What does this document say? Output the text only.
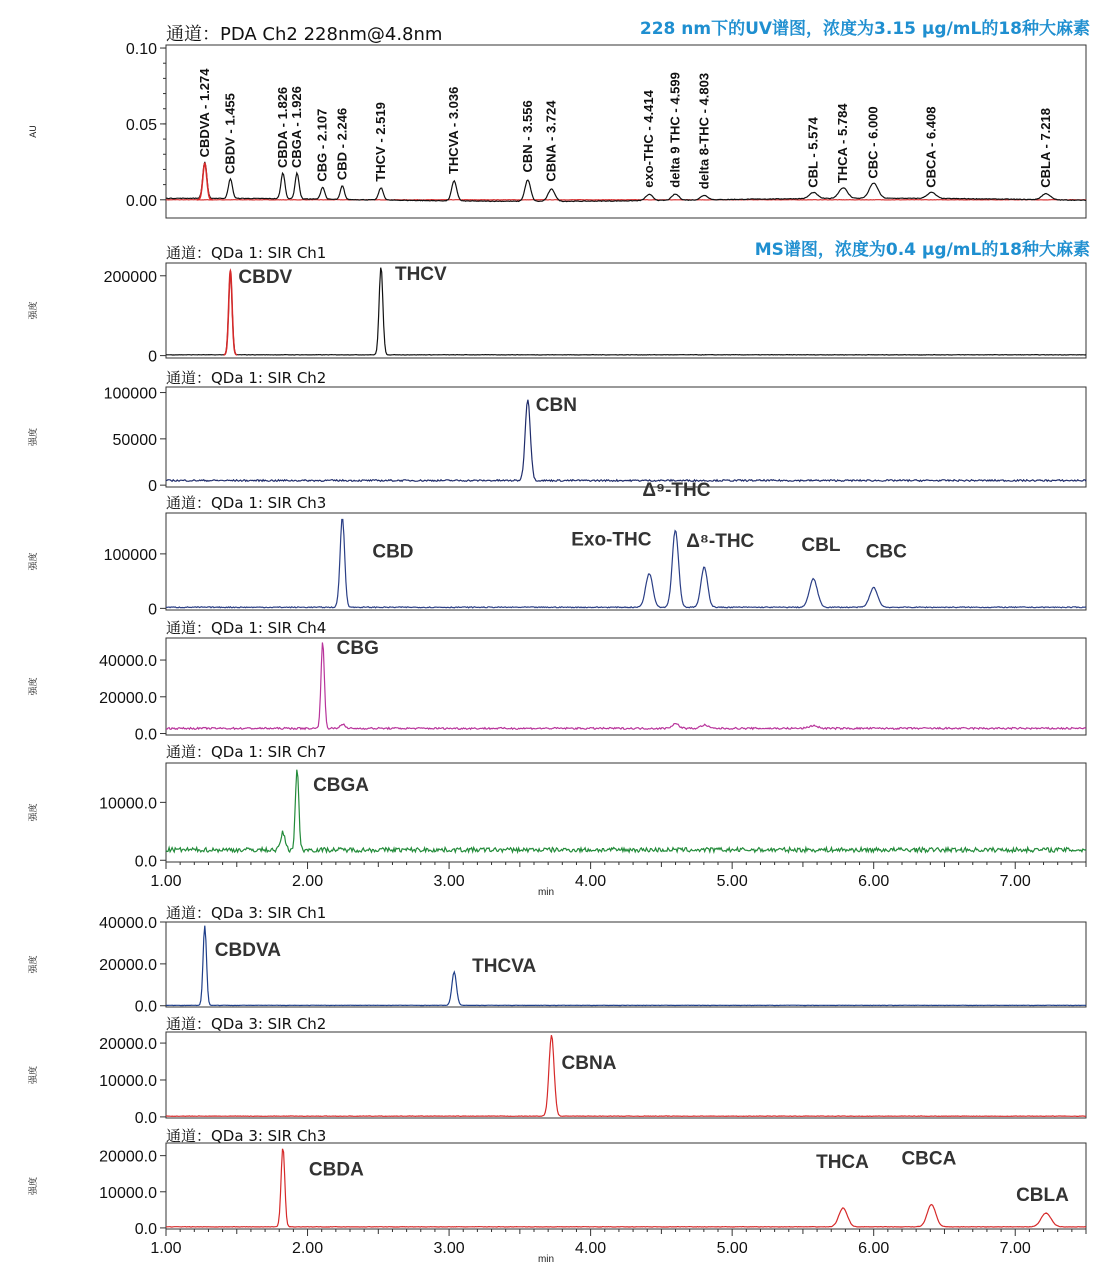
228 nm下的UV谱图，浓度为3.15 μg/mL的18种大麻素
MS谱图，浓度为0.4 μg/mL的18种大麻素
通道：PDA Ch2 228nm@4.8nm
AU
0.00
0.05
0.10
CBDVA - 1.274 CBDV - 1.455	CBDA - 1.826 CBGA - 1.926 CBG - 2.107 CBD - 2.246 THCV - 2.519	THCVA - 3.036	CBN - 3.556 CBNA - 3.724	exo-THC - 4.414 delta 9 THC - 4.599 delta 8-THC - 4.803	CBL - 5.574 THCA - 5.784 CBC - 6.000	CBCA - 6.408	CBLA - 7.218
通道：QDa 1: SIR Ch1
强度
0
200000	CBDV	THCV
通道：QDa 1: SIR Ch2
强度
0
50000
100000
CBN
通道：QDa 1: SIR Ch3
强度
0
100000	CBD
Exo-THC
Δ⁹-THC
Δ⁸-THC CBL CBC
通道：QDa 1: SIR Ch4
强度
0.0
20000.0
40000.0
CBG
通道：QDa 1: SIR Ch7
强度
0.0
10000.0
CBGA
1.00	2.00	3.00	4.00	5.00	6.00	7.00
min
通道：QDa 3: SIR Ch1
强度
0.0
20000.0
40000.0
CBDVA
THCVA
通道：QDa 3: SIR Ch2
强度
0.0
10000.0
20000.0
CBNA
通道：QDa 3: SIR Ch3
强度
0.0
10000.0
20000.0
CBDA	THCA CBCA
CBLA
1.00	2.00	3.00	4.00	5.00	6.00	7.00
min
